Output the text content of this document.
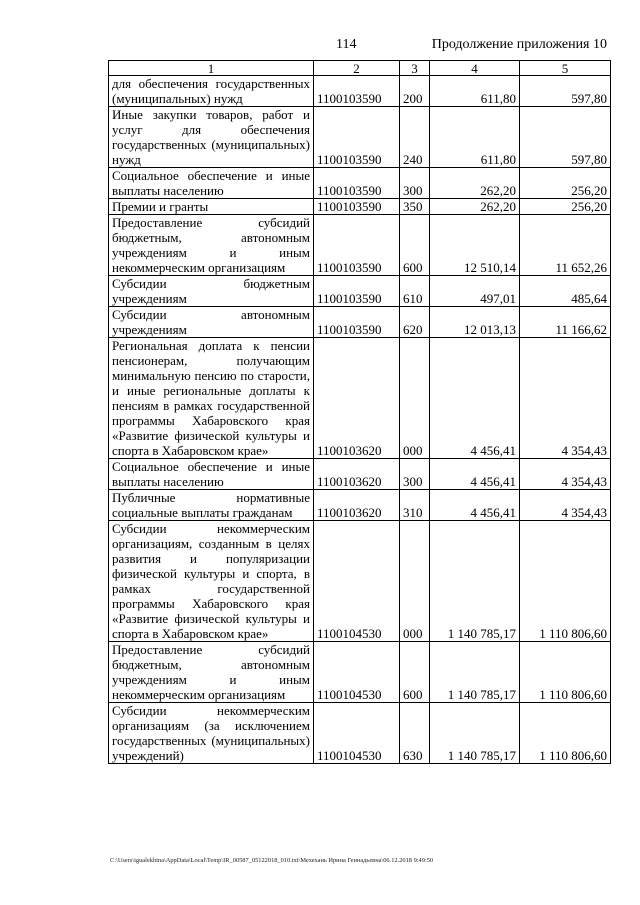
114	Продолжение приложения 10
1	2	3	4	5
для обеспечения государственных (муниципальных) нужд	1100103590	200	611,80	597,80
Иные закупки товаров, работ и услуг для обеспечения государственных (муниципальных) нужд	1100103590	240	611,80	597,80
Социальное обеспечение и иные выплаты населению	1100103590	300	262,20	256,20
Премии и гранты	1100103590	350	262,20	256,20
Предоставление субсидий бюджетным, автономным учреждениям и иным некоммерческим организациям	1100103590	600	12 510,14	11 652,26
Субсидии бюджетным учреждениям	1100103590	610	497,01	485,64
Субсидии автономным учреждениям	1100103590	620	12 013,13	11 166,62
Региональная доплата к пенсии пенсионерам, получающим минимальную пенсию по старости, и иные региональные доплаты к пенсиям в рамках государственной программы Хабаровского края «Развитие физической культуры и спорта в Хабаровском крае»	1100103620	000	4 456,41	4 354,43
Социальное обеспечение и иные выплаты населению	1100103620	300	4 456,41	4 354,43
Публичные нормативные социальные выплаты гражданам	1100103620	310	4 456,41	4 354,43
Субсидии некоммерческим организациям, созданным в целях развития и популяризации физической культуры и спорта, в рамках государственной программы Хабаровского края «Развитие физической культуры и спорта в Хабаровском крае»	1100104530	000	1 140 785,17	1 110 806,60
Предоставление субсидий бюджетным, автономным учреждениям и иным некоммерческим организациям	1100104530	600	1 140 785,17	1 110 806,60
Субсидии некоммерческим организациям (за исключением государственных (муниципальных) учреждений)	1100104530	630	1 140 785,17	1 110 806,60
C:\Users\igualekhina\AppData\Local\Temp\IR_00587_05122018_010.txt\Мехехань Ирина Геннадьевна\06.12.2018 9:49:50
